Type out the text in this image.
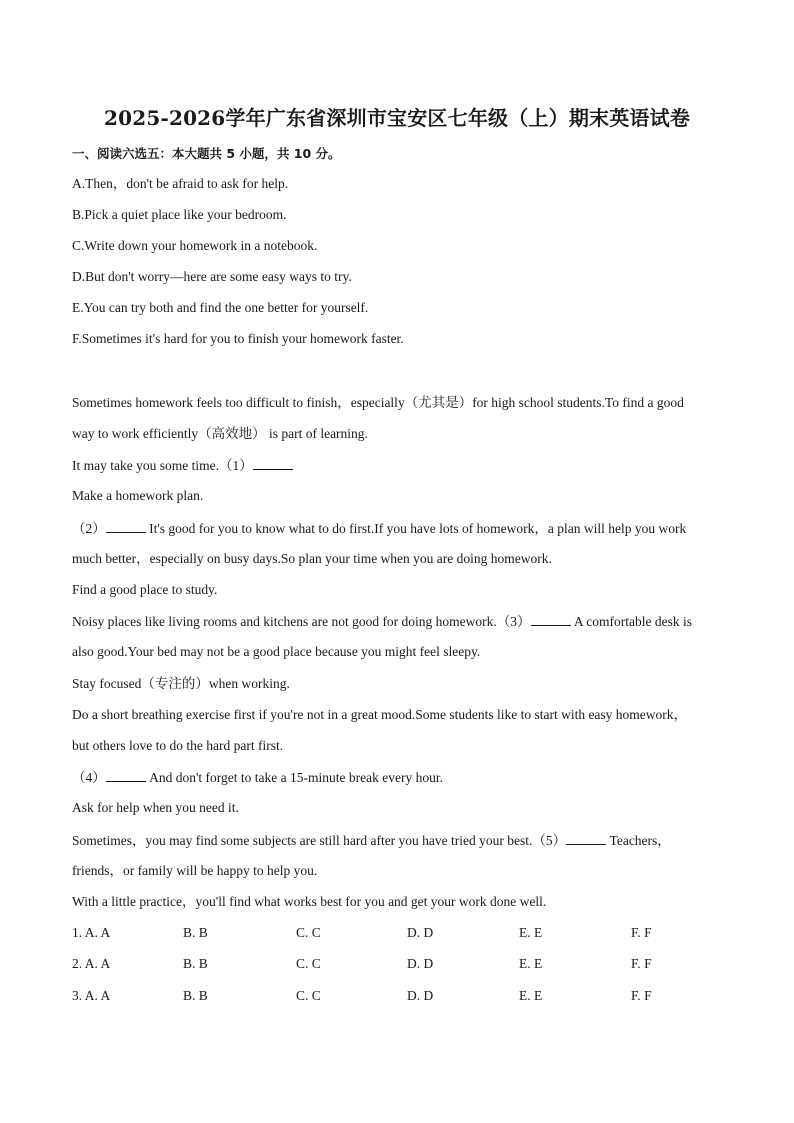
2025-2026学年广东省深圳市宝安区七年级（上）期末英语试卷
一、阅读六选五：本大题共 5 小题，共 10 分。
A.Then，don't be afraid to ask for help.
B.Pick a quiet place like your bedroom.
C.Write down your homework in a notebook.
D.But don't worry—here are some easy ways to try.
E.You can try both and find the one better for yourself.
F.Sometimes it's hard for you to finish your homework faster.
Sometimes homework feels too difficult to finish，especially（尤其是）for high school students.To find a good
way to work efficiently（高效地） is part of learning.
It may take you some time.（1）
Make a homework plan.
（2）	It's good for you to know what to do first.If you have lots of homework，a plan will help you work
much better，especially on busy days.So plan your time when you are doing homework.
Find a good place to study.
Noisy places like living rooms and kitchens are not good for doing homework.（3）	A comfortable desk is
also good.Your bed may not be a good place because you might feel sleepy.
Stay focused（专注的）when working.
Do a short breathing exercise first if you're not in a great mood.Some students like to start with easy homework，
but others love to do the hard part first.
（4）	And don't forget to take a 15-minute break every hour.
Ask for help when you need it.
Sometimes，you may find some subjects are still hard after you have tried your best.（5）	Teachers，
friends，or family will be happy to help you.
With a little practice，you'll find what works best for you and get your work done well.
1. A. A	B. B	C. C	D. D	E. E	F. F
2. A. A	B. B	C. C	D. D	E. E	F. F
3. A. A	B. B	C. C	D. D	E. E	F. F
